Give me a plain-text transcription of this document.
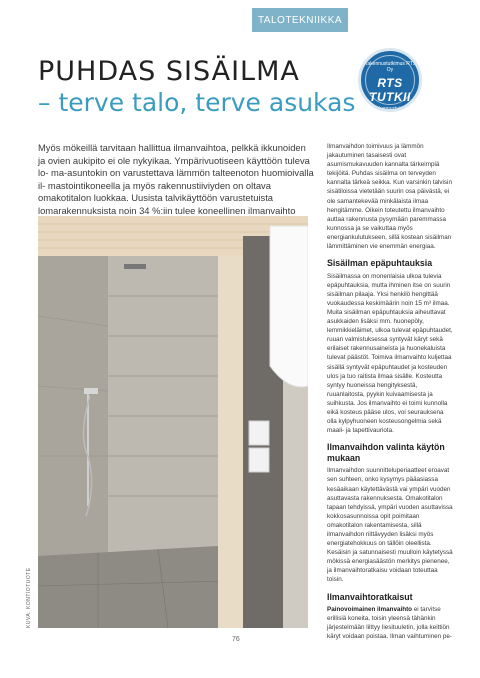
TALOTEKNIIKKA
PUHDAS SISÄILMA
– terve talo, terve asukas
Rakennustutkimus RTS Oy
RTS TUTKII
www.rakennustutkimus.fi

Myös mökeillä tarvitaan hallittua ilmanvaihtoa, pelkkä ikkunoiden ja ovien aukipito ei ole nykyikaa. Ympärivuotiseen käyttöön tuleva lo- ma-asuntokin on varustettava lämmön talteenoton huomioivalla il- mastointikoneella ja myös rakennustiiviyden on oltava omakotitalon luokkaa. Uusista talvikäyttöön varustetuista lomarakennuksista noin 34 %:iin tulee koneellinen ilmanvaihto

KUVA: KONTIOTUOTE

Ilmanvaihdon toimivuus ja lämmön jakautuminen tasaisesti ovat asumismukavuuden kannalta tärkeimpiä tekijöitä. Puhdas sisäilma on terveyden kannalta tärkeä seikka. Kun varsinkin talvisin sisätiloissa vietetään suurin osa päivästä, ei ole samantekevää minkälaista ilmaa hengitämme. Oikein toteutettu ilmanvaihto auttaa rakennusta pysymään paremmassa kunnossa ja se vaikuttaa myös energiankulutukseen, sillä kostean sisäilman lämmittäminen vie enemmän energiaa.

Sisäilman epäpuhtauksia

Sisäilmassa on monenlaisia ulkoa tulevia epäpuhtauksia, mutta ihminen itse on suurin sisäilman pilaaja. Yksi henkilö hengittää vuokaudessa keskimäärin noin 15 m³ ilmaa. Muita sisäilman epäpuhtauksia aiheuttavat asukkaiden lisäksi mm. huonepöly, lemmikkieläimet, ulkoa tulevat epäpuhtaudet, ruuan valmistuksessa syntyvät käryt sekä erilaiset rakennusaineista ja huonekaluista tulevat päästöt. Toimiva ilmanvaihto kuljettaa sisällä syntyvät epäpuhtaudet ja kosteuden ulos ja tuo raitista ilmaa sisälle. Kosteutta syntyy huoneissa hengityksestä, ruuanlaitosta, pyykin kuivaamisesta ja suihkusta. Jos ilmanvaihto ei toimi kunnolla eikä kosteus pääse ulos, voi seurauksena olla kylpyhuoneen kosteusongelmia sekä maali- ja tapettivauriota.

Ilmanvaihdon valinta käytön mukaan

Ilmanvaihdon suunnitteluperiaatteet eroavat sen suhteen, onko kysymys pääasiassa kesäaikaan käytettävästä vai ympäri vuoden asuttavasta rakennuksesta. Omakotitalon tapaan tehdyissä, ympäri vuoden asuttavissa kokkosasunnoissa opit poimitaan omakotitalon rakentamisesta, sillä ilmanvaihdon riittävyyden lisäksi myös energiatehokkuus on tällöin oleellista. Kesäisin ja satunnaisesti muulloin käytetyssä mökissä energiasäästön merkitys pienenee, ja ilmanvaihtoratkaisu voidaan toteuttaa toisin.

Ilmanvaihtoratkaisut

Painovoimainen ilmanvaihto ei tarvitse erillisiä koneita, toisin yleensä tähänkin järjestelmään liittyy liesituuletin, jolla keittiön käryt voidaan poistaa. Ilman vaihtuminen pe-

76
